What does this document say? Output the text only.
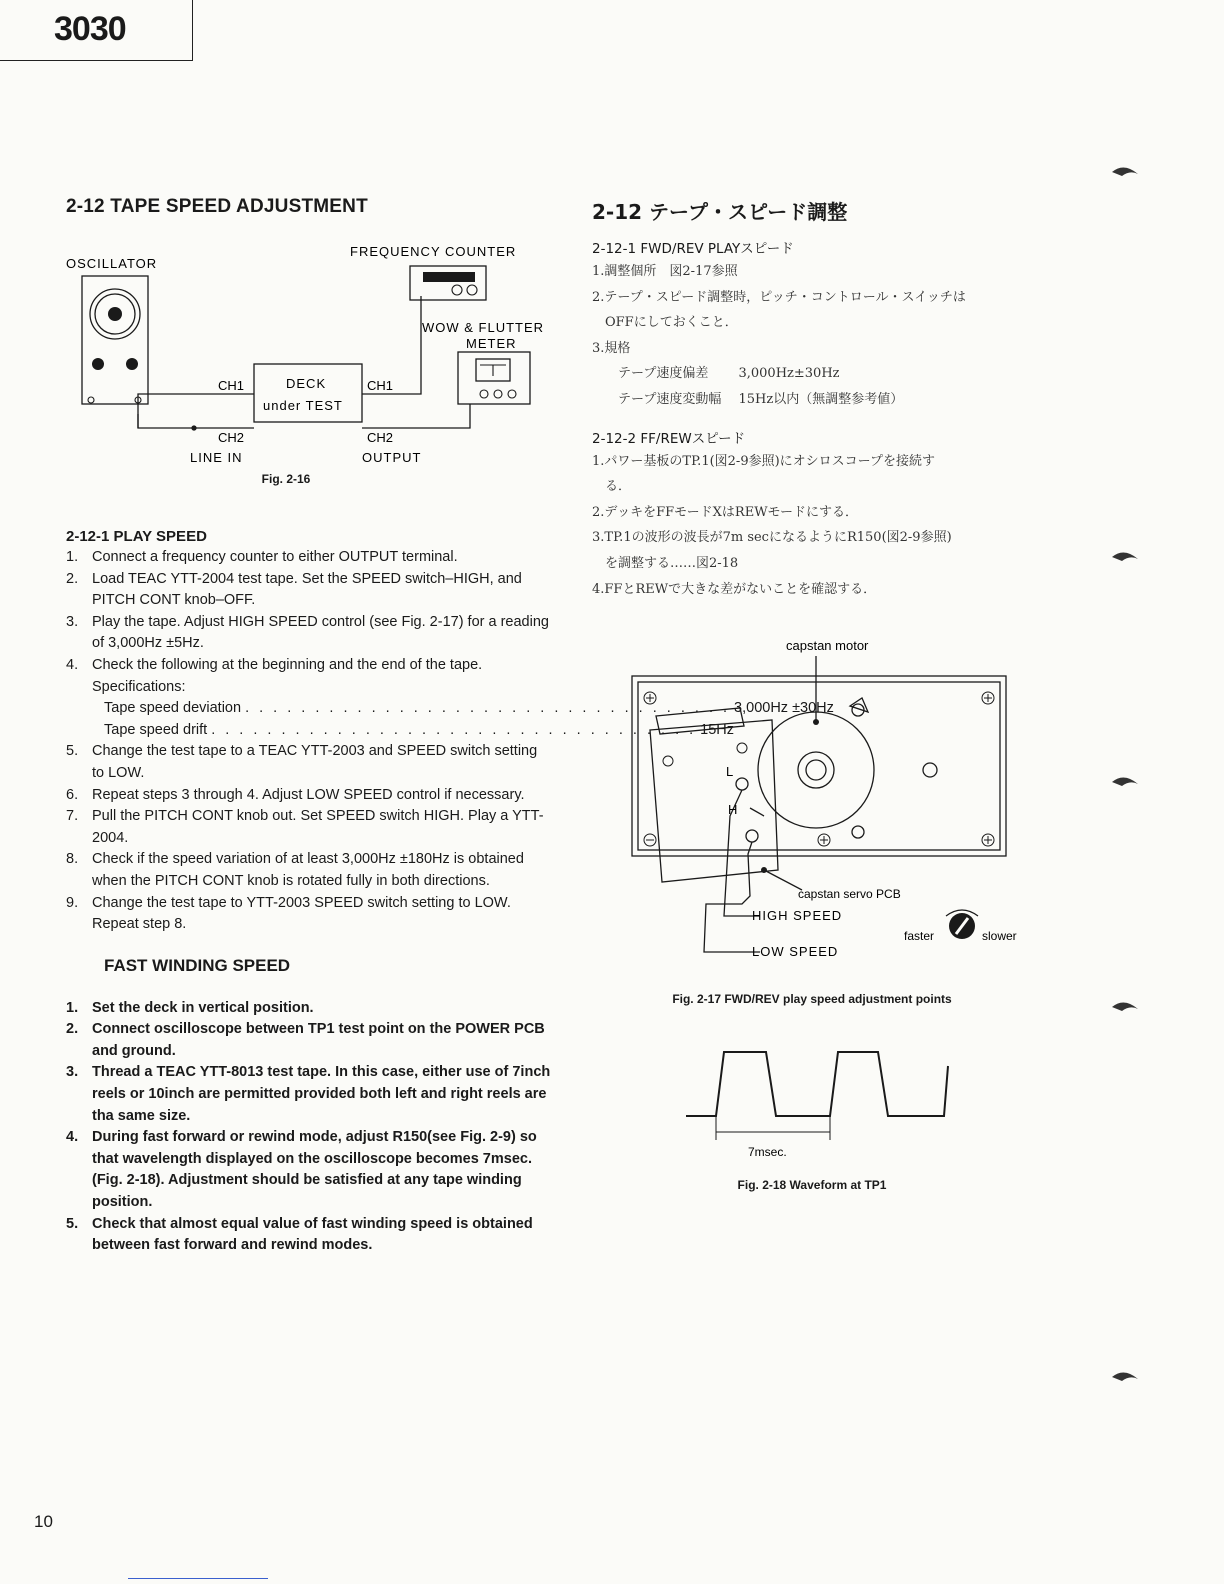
3030
2-12 TAPE SPEED ADJUSTMENT
OSCILLATOR
FREQUENCY COUNTER
WOW & FLUTTER
METER
DECK
under TEST
CH1
CH2
CH1
CH2
LINE IN	OUTPUT
Fig. 2-16
2-12-1 PLAY SPEED
1. Connect a frequency counter to either OUTPUT terminal.
2. Load TEAC YTT-2004 test tape. Set the SPEED switch–HIGH, and PITCH CONT knob–OFF.
3. Play the tape. Adjust HIGH SPEED control (see Fig. 2-17) for a reading of 3,000Hz ±5Hz.
4. Check the following at the beginning and the end of the tape.
Specifications:
Tape speed deviation . . . . . . . . . . . . . . . . . . . . . . . . . . . . . . . . . . . 3,000Hz ±30Hz
Tape speed drift . . . . . . . . . . . . . . . . . . . . . . . . . . . . . . . . . . . 15Hz
5. Change the test tape to a TEAC YTT-2003 and SPEED switch setting to LOW.
6. Repeat steps 3 through 4. Adjust LOW SPEED control if necessary.
7. Pull the PITCH CONT knob out. Set SPEED switch HIGH. Play a YTT-2004.
8. Check if the speed variation of at least 3,000Hz ±180Hz is obtained when the PITCH CONT knob is rotated fully in both directions.
9. Change the test tape to YTT-2003 SPEED switch setting to LOW. Repeat step 8.
FAST WINDING SPEED
1. Set the deck in vertical position.
2. Connect oscilloscope between TP1 test point on the POWER PCB and ground.
3. Thread a TEAC YTT-8013 test tape. In this case, either use of 7inch reels or 10inch are permitted provided both left and right reels are tha same size.
4. During fast forward or rewind mode, adjust R150(see Fig. 2-9) so that wavelength displayed on the oscilloscope becomes 7msec. (Fig. 2-18). Adjustment should be satisfied at any tape winding position.
5. Check that almost equal value of fast winding speed is obtained between fast forward and rewind modes.
2-12 テープ・スピード調整

2-12-1 FWD/REV PLAYスピード

1.調整個所　図2-17参照
2.テープ・スピード調整時，ピッチ・コントロール・スイッチは
　OFFにしておくこと．
3.規格
　　テープ速度偏差　　 3,000Hz±30Hz
　　テープ速度変動幅　 15Hz以内（無調整参考値）

2-12-2 FF/REWスピード

1.パワー基板のTP.1(図2-9参照)にオシロスコープを接続す
　る．
2.デッキをFFモードXはREWモードにする．
3.TP.1の波形の波長が7m secになるようにR150(図2-9参照)
　を調整する……図2-18
4.FFとREWで大きな差がないことを確認する．
capstan motor
L
H
capstan servo PCB
HIGH SPEED
LOW SPEED
faster	slower
Fig. 2-17 FWD/REV play speed adjustment points
7msec.
Fig. 2-18 Waveform at TP1
10
